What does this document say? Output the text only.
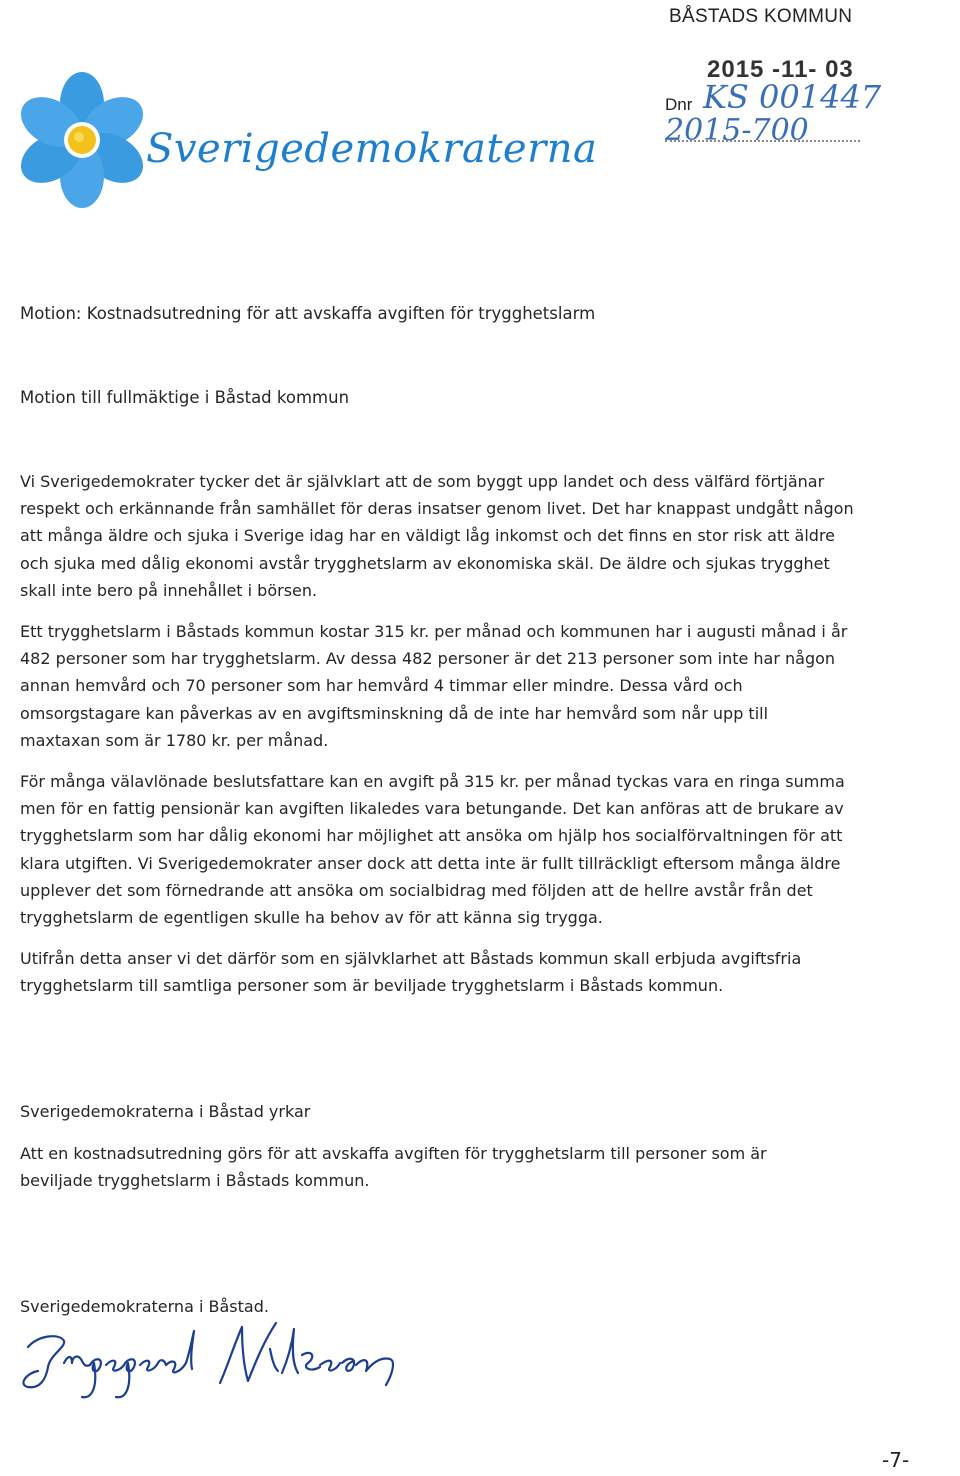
Sverigedemokraterna
BÅSTADS KOMMUN
2015 -11- 03
Dnr KS 001447
2015-700
Motion: Kostnadsutredning för att avskaffa avgiften för trygghetslarm
Motion till fullmäktige i Båstad kommun

Vi Sverigedemokrater tycker det är självklart att de som byggt upp landet och dess välfärd förtjänar respekt och erkännande från samhället för deras insatser genom livet. Det har knappast undgått någon att många äldre och sjuka i Sverige idag har en väldigt låg inkomst och det finns en stor risk att äldre och sjuka med dålig ekonomi avstår trygghetslarm av ekonomiska skäl. De äldre och sjukas trygghet skall inte bero på innehållet i börsen.

Ett trygghetslarm i Båstads kommun kostar 315 kr. per månad och kommunen har i augusti månad i år 482 personer som har trygghetslarm. Av dessa 482 personer är det 213 personer som inte har någon annan hemvård och 70 personer som har hemvård 4 timmar eller mindre. Dessa vård och omsorgstagare kan påverkas av en avgiftsminskning då de inte har hemvård som når upp till maxtaxan som är 1780 kr. per månad.

För många välavlönade beslutsfattare kan en avgift på 315 kr. per månad tyckas vara en ringa summa men för en fattig pensionär kan avgiften likaledes vara betungande. Det kan anföras att de brukare av trygghetslarm som har dålig ekonomi har möjlighet att ansöka om hjälp hos socialförvaltningen för att klara utgiften. Vi Sverigedemokrater anser dock att detta inte är fullt tillräckligt eftersom många äldre upplever det som förnedrande att ansöka om socialbidrag med följden att de hellre avstår från det trygghetslarm de egentligen skulle ha behov av för att känna sig trygga.

Utifrån detta anser vi det därför som en självklarhet att Båstads kommun skall erbjuda avgiftsfria trygghetslarm till samtliga personer som är beviljade trygghetslarm i Båstads kommun.

Sverigedemokraterna i Båstad yrkar
Att en kostnadsutredning görs för att avskaffa avgiften för trygghetslarm till personer som är beviljade trygghetslarm i Båstads kommun.
Sverigedemokraterna i Båstad.
-7-
